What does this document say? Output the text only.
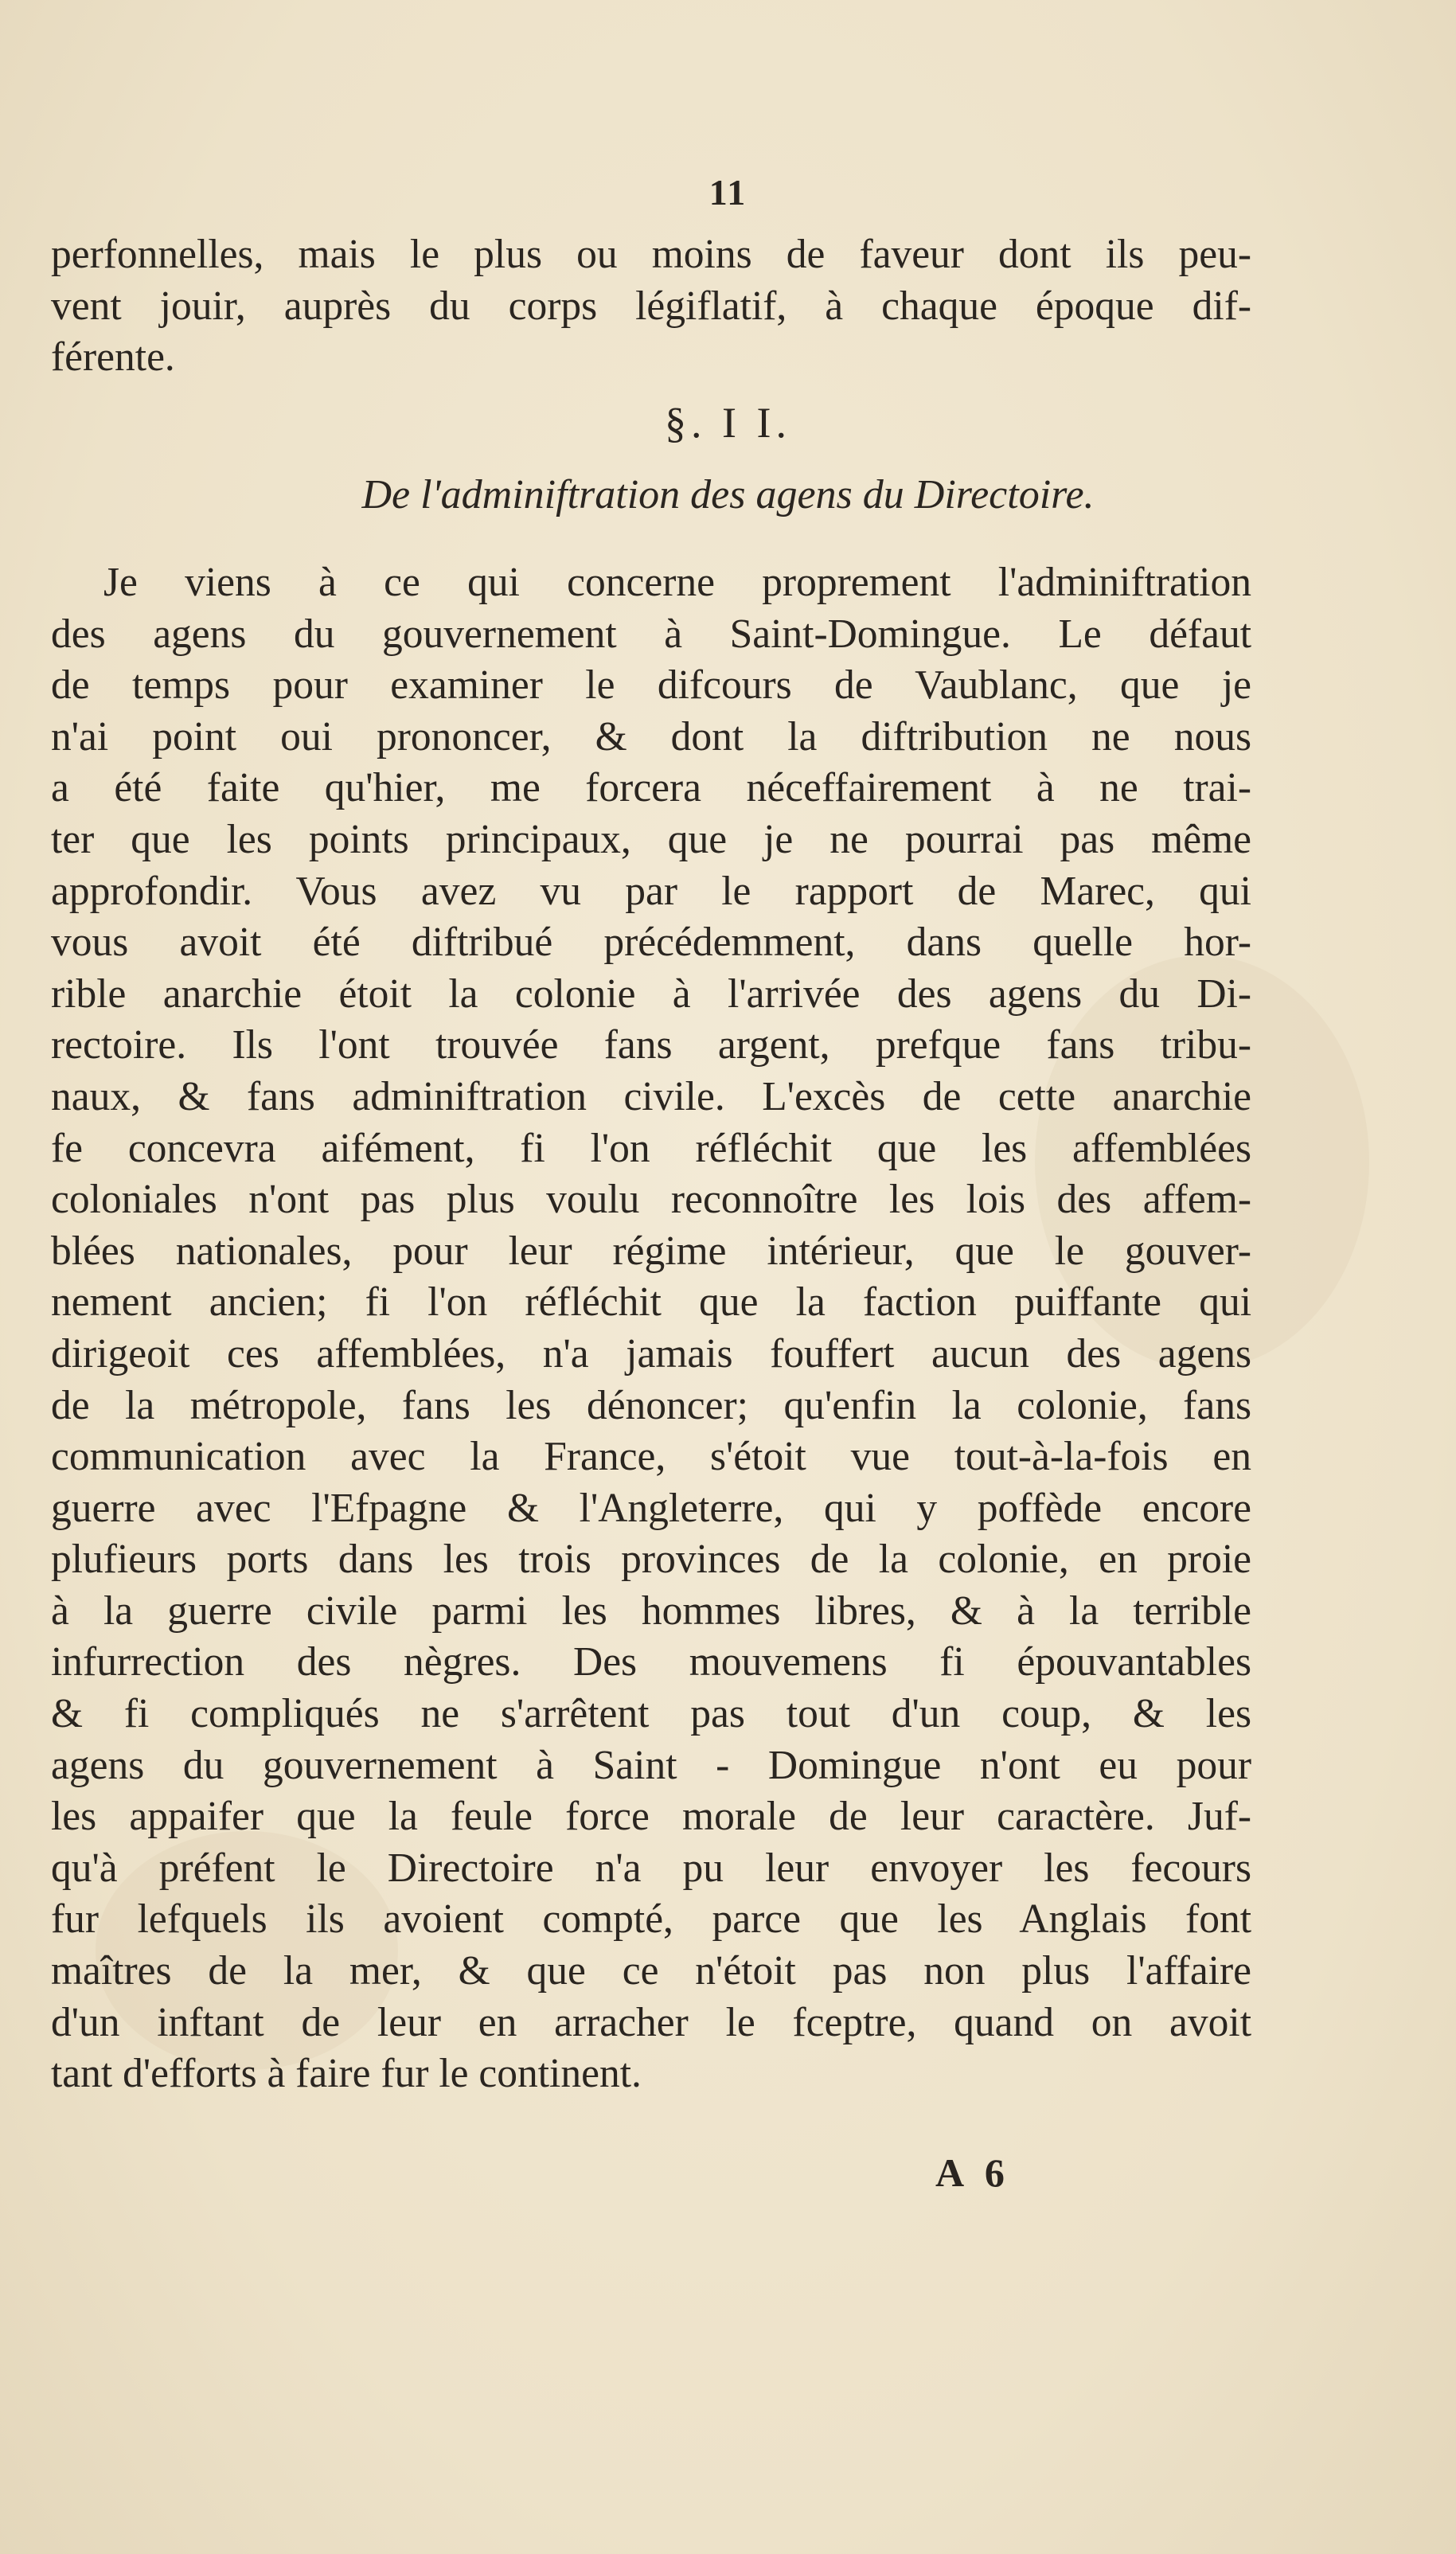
11
perfonnelles, mais le plus ou moins de faveur dont ils peu-
vent jouir, auprès du corps légiflatif, à chaque époque dif-
férente.
§. I I.
De l'adminiftration des agens du Directoire.
Je viens à ce qui concerne proprement l'adminiftration
des agens du gouvernement à Saint-Domingue. Le défaut
de temps pour examiner le difcours de Vaublanc, que je
n'ai point oui prononcer, & dont la diftribution ne nous
a été faite qu'hier, me forcera néceffairement à ne trai-
ter que les points principaux, que je ne pourrai pas même
approfondir. Vous avez vu par le rapport de Marec, qui
vous avoit été diftribué précédemment, dans quelle hor-
rible anarchie étoit la colonie à l'arrivée des agens du Di-
rectoire. Ils l'ont trouvée fans argent, prefque fans tribu-
naux, & fans adminiftration civile. L'excès de cette anarchie
fe concevra aifément, fi l'on réfléchit que les affemblées
coloniales n'ont pas plus voulu reconnoître les lois des affem-
blées nationales, pour leur régime intérieur, que le gouver-
nement ancien; fi l'on réfléchit que la faction puiffante qui
dirigeoit ces affemblées, n'a jamais fouffert aucun des agens
de la métropole, fans les dénoncer; qu'enfin la colonie, fans
communication avec la France, s'étoit vue tout-à-la-fois en
guerre avec l'Efpagne & l'Angleterre, qui y poffède encore
plufieurs ports dans les trois provinces de la colonie, en proie
à la guerre civile parmi les hommes libres, & à la terrible
infurrection des nègres. Des mouvemens fi épouvantables
& fi compliqués ne s'arrêtent pas tout d'un coup, & les
agens du gouvernement à Saint - Domingue n'ont eu pour
les appaifer que la feule force morale de leur caractère. Juf-
qu'à préfent le Directoire n'a pu leur envoyer les fecours
fur lefquels ils avoient compté, parce que les Anglais font
maîtres de la mer, & que ce n'étoit pas non plus l'affaire
d'un inftant de leur en arracher le fceptre, quand on avoit
tant d'efforts à faire fur le continent.
A 6
